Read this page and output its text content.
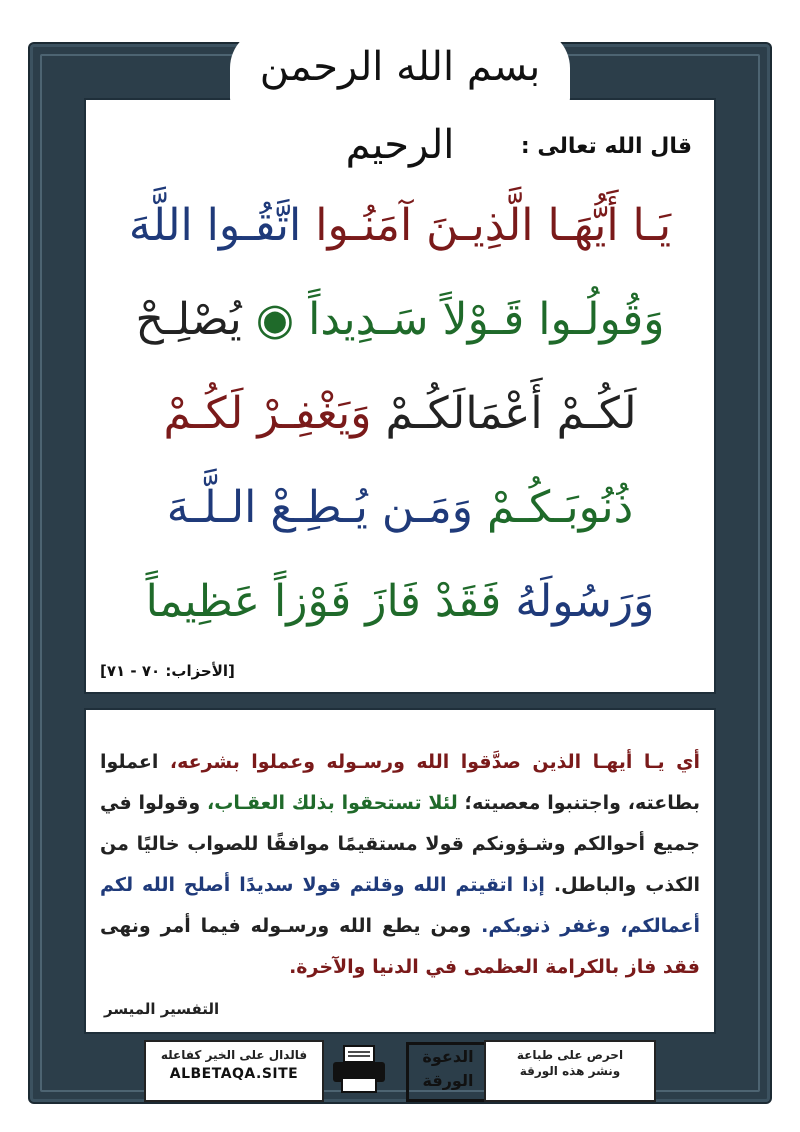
بسم الله الرحمن الرحيم	قال الله تعالى :
يَـا أَيُّهَـا الَّذِيـنَ آمَنُـوا اتَّقُـوا اللَّهَ
وَقُولُـوا قَـوْلاً سَـدِيداً ◉ يُصْلِـحْ
لَكُـمْ أَعْمَالَكُـمْ وَيَغْفِـرْ لَكُـمْ
ذُنُوبَـكُـمْ وَمَـن يُـطِـعْ الـلَّـهَ
وَرَسُولَهُ فَقَدْ فَازَ فَوْزاً عَظِيماً
[الأحزاب: ٧٠ - ٧١]
أي يـا أيهـا الذين صدَّقوا الله ورسـوله وعملوا بشرعه، اعملوا بطاعته، واجتنبوا معصيته؛ لئلا تستحقوا بذلك العقـاب، وقولوا في جميع أحوالكم وشـؤونكم قولا مستقيمًا موافقًا للصواب خاليًا من الكذب والباطل. إذا اتقيتم الله وقلتم قولا سديدًا أصلح الله لكم أعمالكم، وغفر ذنوبكم. ومن يطع الله ورسـوله فيما أمر ونهى فقد فاز بالكرامة العظمى في الدنيا والآخرة.
التفسير الميسر
فالدال على الخير كفاعله
ALBETAQA.SITE
الدعوة الورقة
احرص على طباعة
ونشر هذه الورقة
